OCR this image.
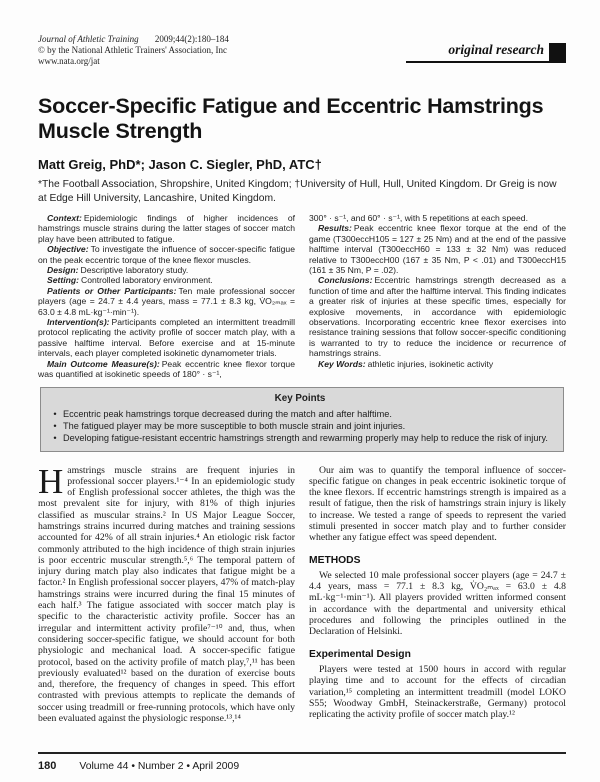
Journal of Athletic Training 2009;44(2):180–184
© by the National Athletic Trainers' Association, Inc
www.nata.org/jat
original research
Soccer-Specific Fatigue and Eccentric Hamstrings Muscle Strength
Matt Greig, PhD*; Jason C. Siegler, PhD, ATC†
*The Football Association, Shropshire, United Kingdom; †University of Hull, Hull, United Kingdom. Dr Greig is now at Edge Hill University, Lancashire, United Kingdom.

Context: Epidemiologic findings of higher incidences of hamstrings muscle strains during the latter stages of soccer match play have been attributed to fatigue.

Objective: To investigate the influence of soccer-specific fatigue on the peak eccentric torque of the knee flexor muscles.

Design: Descriptive laboratory study.

Setting: Controlled laboratory environment.

Patients or Other Participants: Ten male professional soccer players (age = 24.7 ± 4.4 years, mass = 77.1 ± 8.3 kg, V̇O₂ₘₐₓ = 63.0 ± 4.8 mL·kg⁻¹·min⁻¹).

Intervention(s): Participants completed an intermittent treadmill protocol replicating the activity profile of soccer match play, with a passive halftime interval. Before exercise and at 15-minute intervals, each player completed isokinetic dynamometer trials.

Main Outcome Measure(s): Peak eccentric knee flexor torque was quantified at isokinetic speeds of 180° · s⁻¹,

300° · s⁻¹, and 60° · s⁻¹, with 5 repetitions at each speed.

Results: Peak eccentric knee flexor torque at the end of the game (T300eccH105 = 127 ± 25 Nm) and at the end of the passive halftime interval (T300eccH60 = 133 ± 32 Nm) was reduced relative to T300eccH00 (167 ± 35 Nm, P < .01) and T300eccH15 (161 ± 35 Nm, P = .02).

Conclusions: Eccentric hamstrings strength decreased as a function of time and after the halftime interval. This finding indicates a greater risk of injuries at these specific times, especially for explosive movements, in accordance with epidemiologic observations. Incorporating eccentric knee flexor exercises into resistance training sessions that follow soccer-specific conditioning is warranted to try to reduce the incidence or recurrence of hamstrings strains.

Key Words: athletic injuries, isokinetic activity

Key Points
• Eccentric peak hamstrings torque decreased during the match and after halftime.
• The fatigued player may be more susceptible to both muscle strain and joint injuries.
• Developing fatigue-resistant eccentric hamstrings strength and rewarming properly may help to reduce the risk of injury.

Hamstrings muscle strains are frequent injuries in professional soccer players.¹⁻⁴ In an epidemiologic study of English professional soccer athletes, the thigh was the most prevalent site for injury, with 81% of thigh injuries classified as muscular strains.² In US Major League Soccer, hamstrings strains incurred during matches and training sessions accounted for 42% of all strain injuries.⁴ An etiologic risk factor commonly attributed to the high incidence of thigh strain injuries is poor eccentric muscular strength.⁵,⁶ The temporal pattern of injury during match play also indicates that fatigue might be a factor.² In English professional soccer players, 47% of match-play hamstrings strains were incurred during the final 15 minutes of each half.³ The fatigue associated with soccer match play is specific to the characteristic activity profile. Soccer has an irregular and intermittent activity profile⁷⁻¹⁰ and, thus, when considering soccer-specific fatigue, we should account for both physiologic and mechanical load. A soccer-specific fatigue protocol, based on the activity profile of match play,⁷,¹¹ has been previously evaluated¹² based on the duration of exercise bouts and, therefore, the frequency of changes in speed. This effort contrasted with previous attempts to replicate the demands of soccer using treadmill or free-running protocols, which have only been evaluated against the physiologic response.¹³,¹⁴

Our aim was to quantify the temporal influence of soccer-specific fatigue on changes in peak eccentric isokinetic torque of the knee flexors. If eccentric hamstrings strength is impaired as a result of fatigue, then the risk of hamstrings strain injury is likely to increase. We tested a range of speeds to represent the varied stimuli presented in soccer match play and to further consider whether any fatigue effect was speed dependent.

METHODS

We selected 10 male professional soccer players (age = 24.7 ± 4.4 years, mass = 77.1 ± 8.3 kg, V̇O₂ₘₐₓ = 63.0 ± 4.8 mL·kg⁻¹·min⁻¹). All players provided written informed consent in accordance with the departmental and university ethical procedures and following the principles outlined in the Declaration of Helsinki.

Experimental Design

Players were tested at 1500 hours in accord with regular playing time and to account for the effects of circadian variation,¹⁵ completing an intermittent treadmill (model LOKO S55; Woodway GmbH, Steinackerstraße, Germany) protocol replicating the activity profile of soccer match play.¹²

180 Volume 44 • Number 2 • April 2009
